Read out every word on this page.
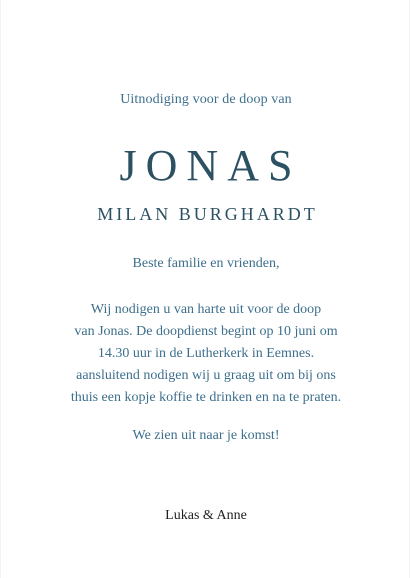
Uitnodiging voor de doop van
JONAS
MILAN BURGHARDT
Beste familie en vrienden,
Wij nodigen u van harte uit voor de doop
van Jonas. De doopdienst begint op 10 juni om
14.30 uur in de Lutherkerk in Eemnes.
aansluitend nodigen wij u graag uit om bij ons
thuis een kopje koffie te drinken en na te praten.
We zien uit naar je komst!
Lukas & Anne
